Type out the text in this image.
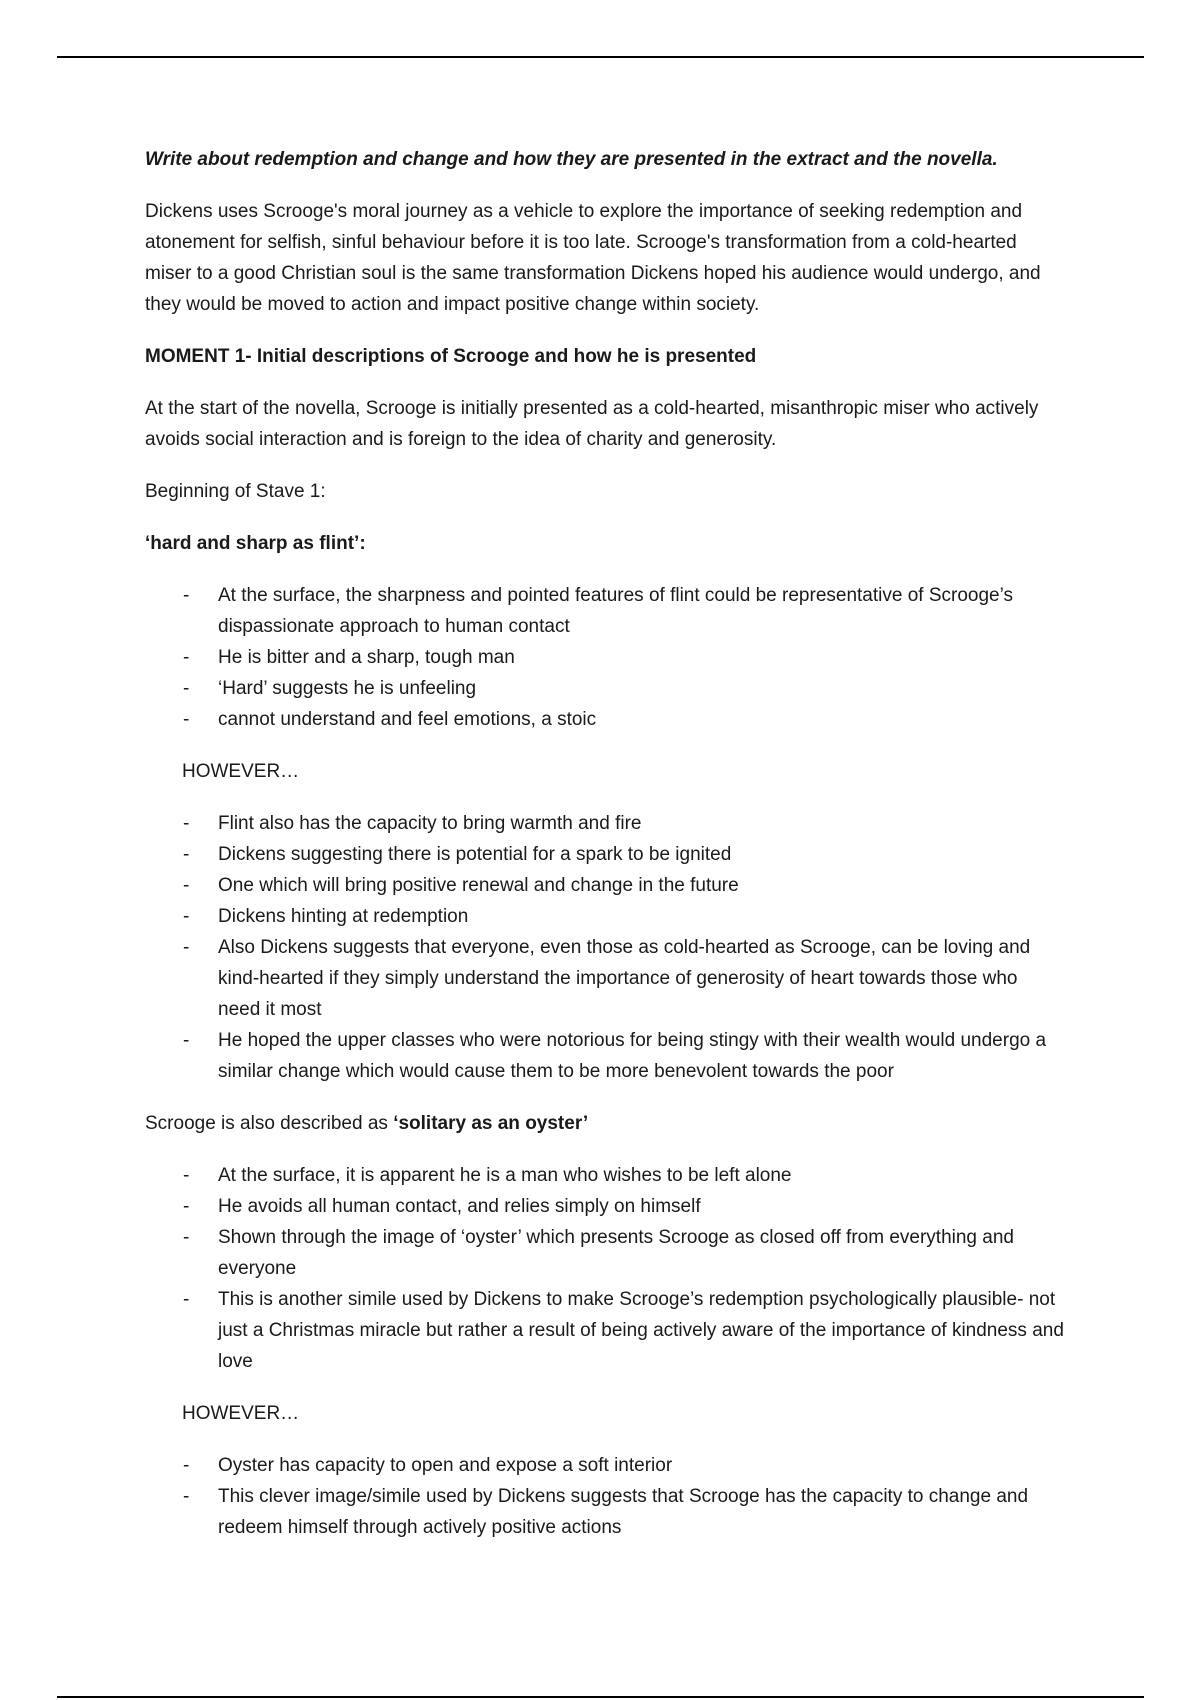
Write about redemption and change and how they are presented in the extract and the novella.

Dickens uses Scrooge's moral journey as a vehicle to explore the importance of seeking redemption and atonement for selfish, sinful behaviour before it is too late. Scrooge's transformation from a cold-hearted miser to a good Christian soul is the same transformation Dickens hoped his audience would undergo, and they would be moved to action and impact positive change within society.

MOMENT 1- Initial descriptions of Scrooge and how he is presented

At the start of the novella, Scrooge is initially presented as a cold-hearted, misanthropic miser who actively avoids social interaction and is foreign to the idea of charity and generosity.

Beginning of Stave 1:

‘hard and sharp as flint’:

- At the surface, the sharpness and pointed features of flint could be representative of Scrooge’s dispassionate approach to human contact
- He is bitter and a sharp, tough man
- ‘Hard’ suggests he is unfeeling
- cannot understand and feel emotions, a stoic

HOWEVER…

- Flint also has the capacity to bring warmth and fire
- Dickens suggesting there is potential for a spark to be ignited
- One which will bring positive renewal and change in the future
- Dickens hinting at redemption
- Also Dickens suggests that everyone, even those as cold-hearted as Scrooge, can be loving and kind-hearted if they simply understand the importance of generosity of heart towards those who need it most
- He hoped the upper classes who were notorious for being stingy with their wealth would undergo a similar change which would cause them to be more benevolent towards the poor

Scrooge is also described as ‘solitary as an oyster’

- At the surface, it is apparent he is a man who wishes to be left alone
- He avoids all human contact, and relies simply on himself
- Shown through the image of ‘oyster’ which presents Scrooge as closed off from everything and everyone
- This is another simile used by Dickens to make Scrooge’s redemption psychologically plausible- not just a Christmas miracle but rather a result of being actively aware of the importance of kindness and love

HOWEVER…

- Oyster has capacity to open and expose a soft interior
- This clever image/simile used by Dickens suggests that Scrooge has the capacity to change and redeem himself through actively positive actions
